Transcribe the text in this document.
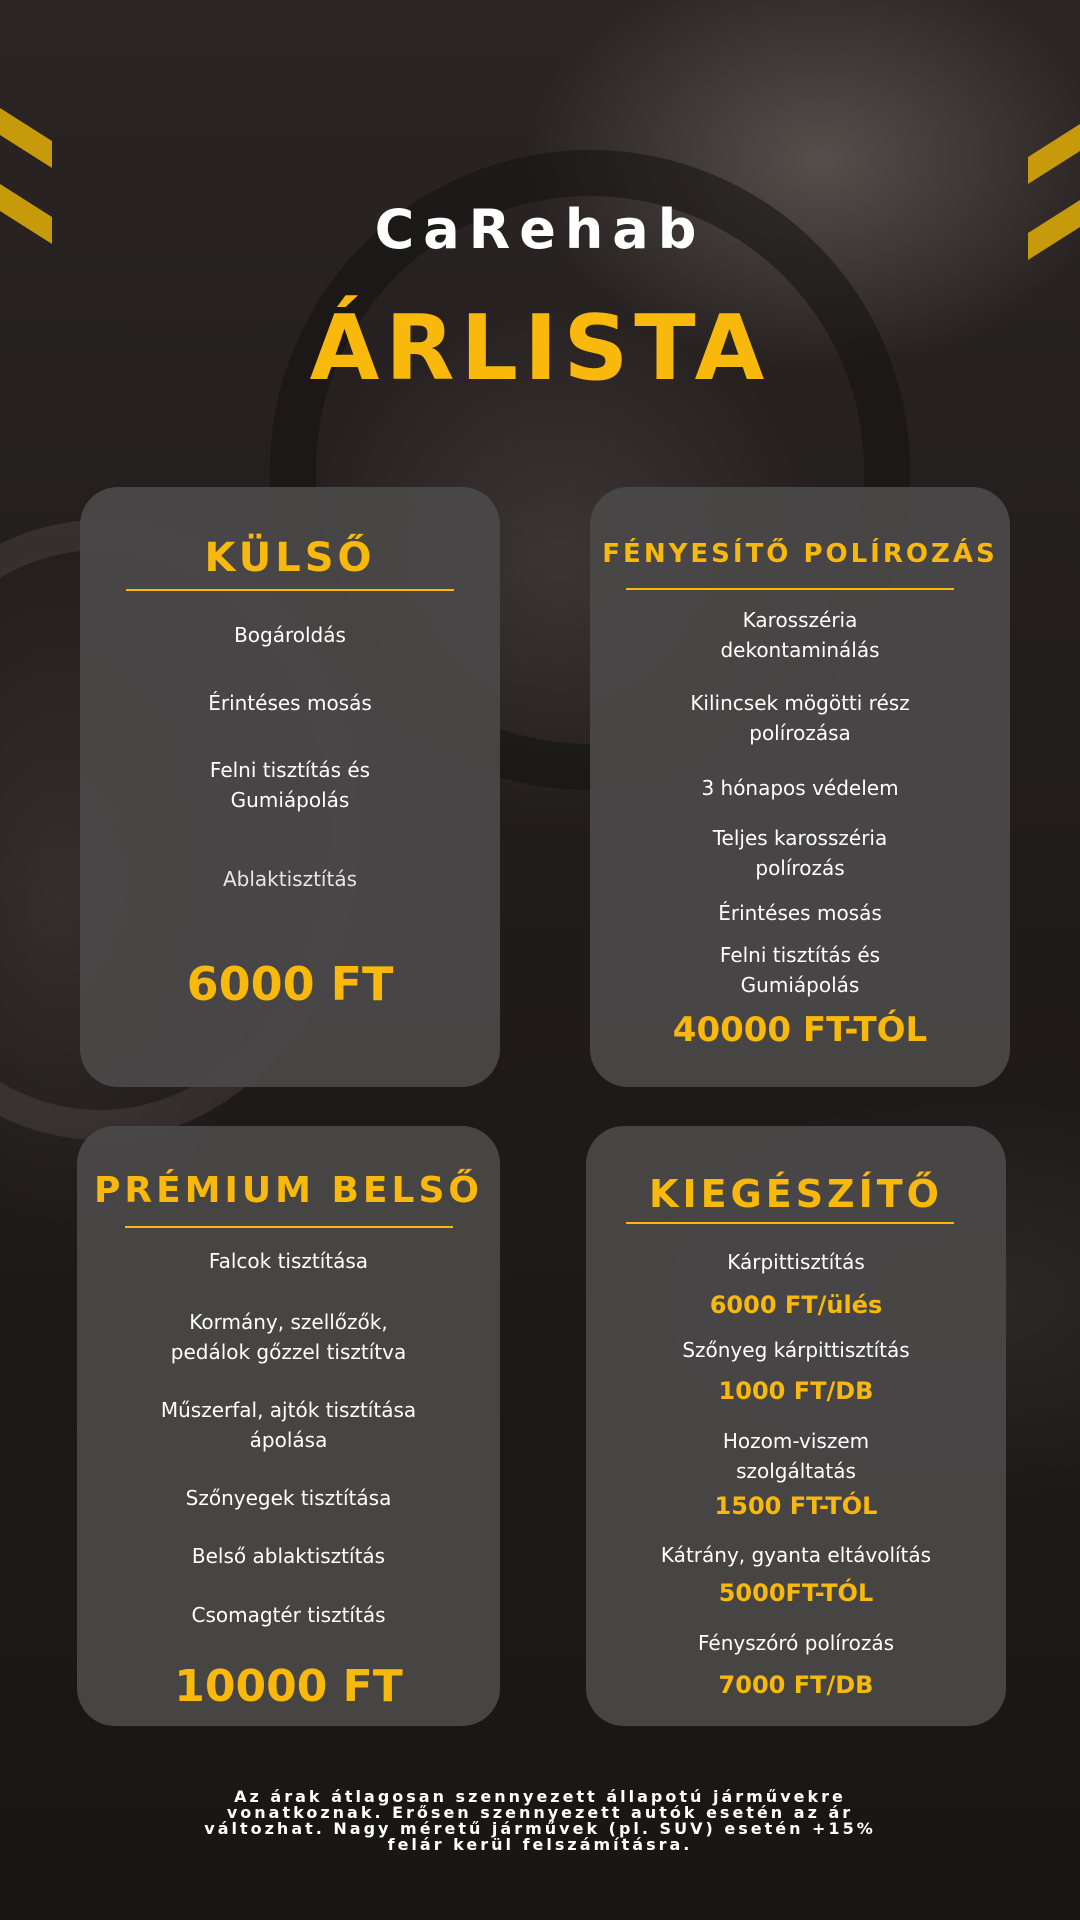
CaRehab
ÁRLISTA
KÜLSŐ
Bogároldás
Érintéses mosás
Felni tisztítás és
Gumiápolás
Ablaktisztítás
6000 FT
FÉNYESÍTŐ POLÍROZÁS
Karosszéria
dekontaminálás
Kilincsek mögötti rész
polírozása
3 hónapos védelem
Teljes karosszéria
polírozás
Érintéses mosás
Felni tisztítás és
Gumiápolás
40000 FT-TÓL
PRÉMIUM BELSŐ
Falcok tisztítása
Kormány, szellőzők,
pedálok gőzzel tisztítva
Műszerfal, ajtók tisztítása
ápolása
Szőnyegek tisztítása
Belső ablaktisztítás
Csomagtér tisztítás
10000 FT
KIEGÉSZÍTŐ
Kárpittisztítás
6000 FT/ülés
Szőnyeg kárpittisztítás
1000 FT/DB
Hozom-viszem
szolgáltatás
1500 FT-TÓL
Kátrány, gyanta eltávolítás
5000FT-TÓL
Fényszóró polírozás
7000 FT/DB
Az árak átlagosan szennyezett állapotú járművekre vonatkoznak. Erősen szennyezett autók esetén az ár változhat. Nagy méretű járművek (pl. SUV) esetén +15% felár kerül felszámításra.
